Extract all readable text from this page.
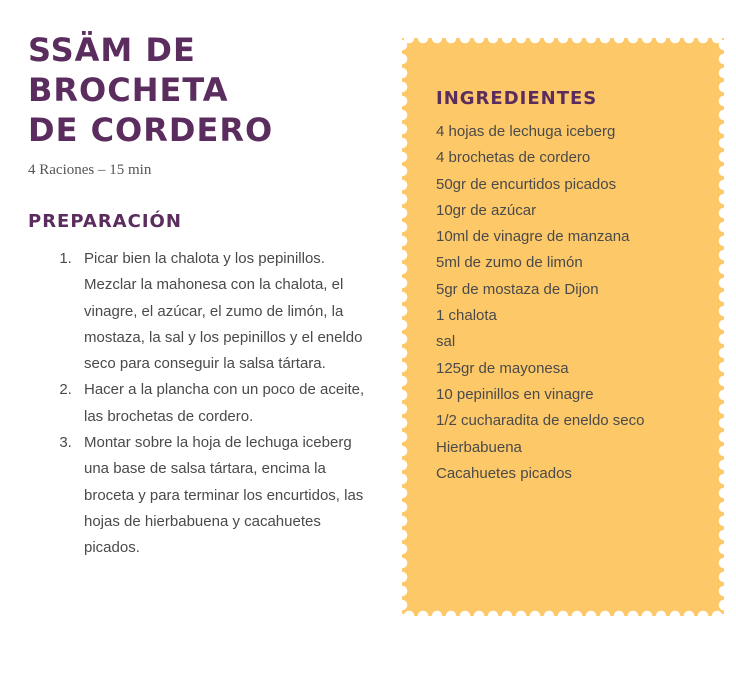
SSÄM DE BROCHETA
DE CORDERO
4 Raciones – 15 min
PREPARACIÓN
1. Picar bien la chalota y los pepinillos. Mezclar la mahonesa con la chalota, el vinagre, el azúcar, el zumo de limón, la mostaza, la sal y los pepinillos y el eneldo seco para conseguir la salsa tártara.
2. Hacer a la plancha con un poco de aceite, las brochetas de cordero.
3. Montar sobre la hoja de lechuga iceberg una base de salsa tártara, encima la broceta y para terminar los encurtidos, las hojas de hierbabuena y cacahuetes picados.
INGREDIENTES
4 hojas de lechuga iceberg
4 brochetas de cordero
50gr de encurtidos picados
10gr de azúcar
10ml de vinagre de manzana
5ml de zumo de limón
5gr de mostaza de Dijon
1 chalota
sal
125gr de mayonesa
10 pepinillos en vinagre
1/2 cucharadita de eneldo seco
Hierbabuena
Cacahuetes picados
